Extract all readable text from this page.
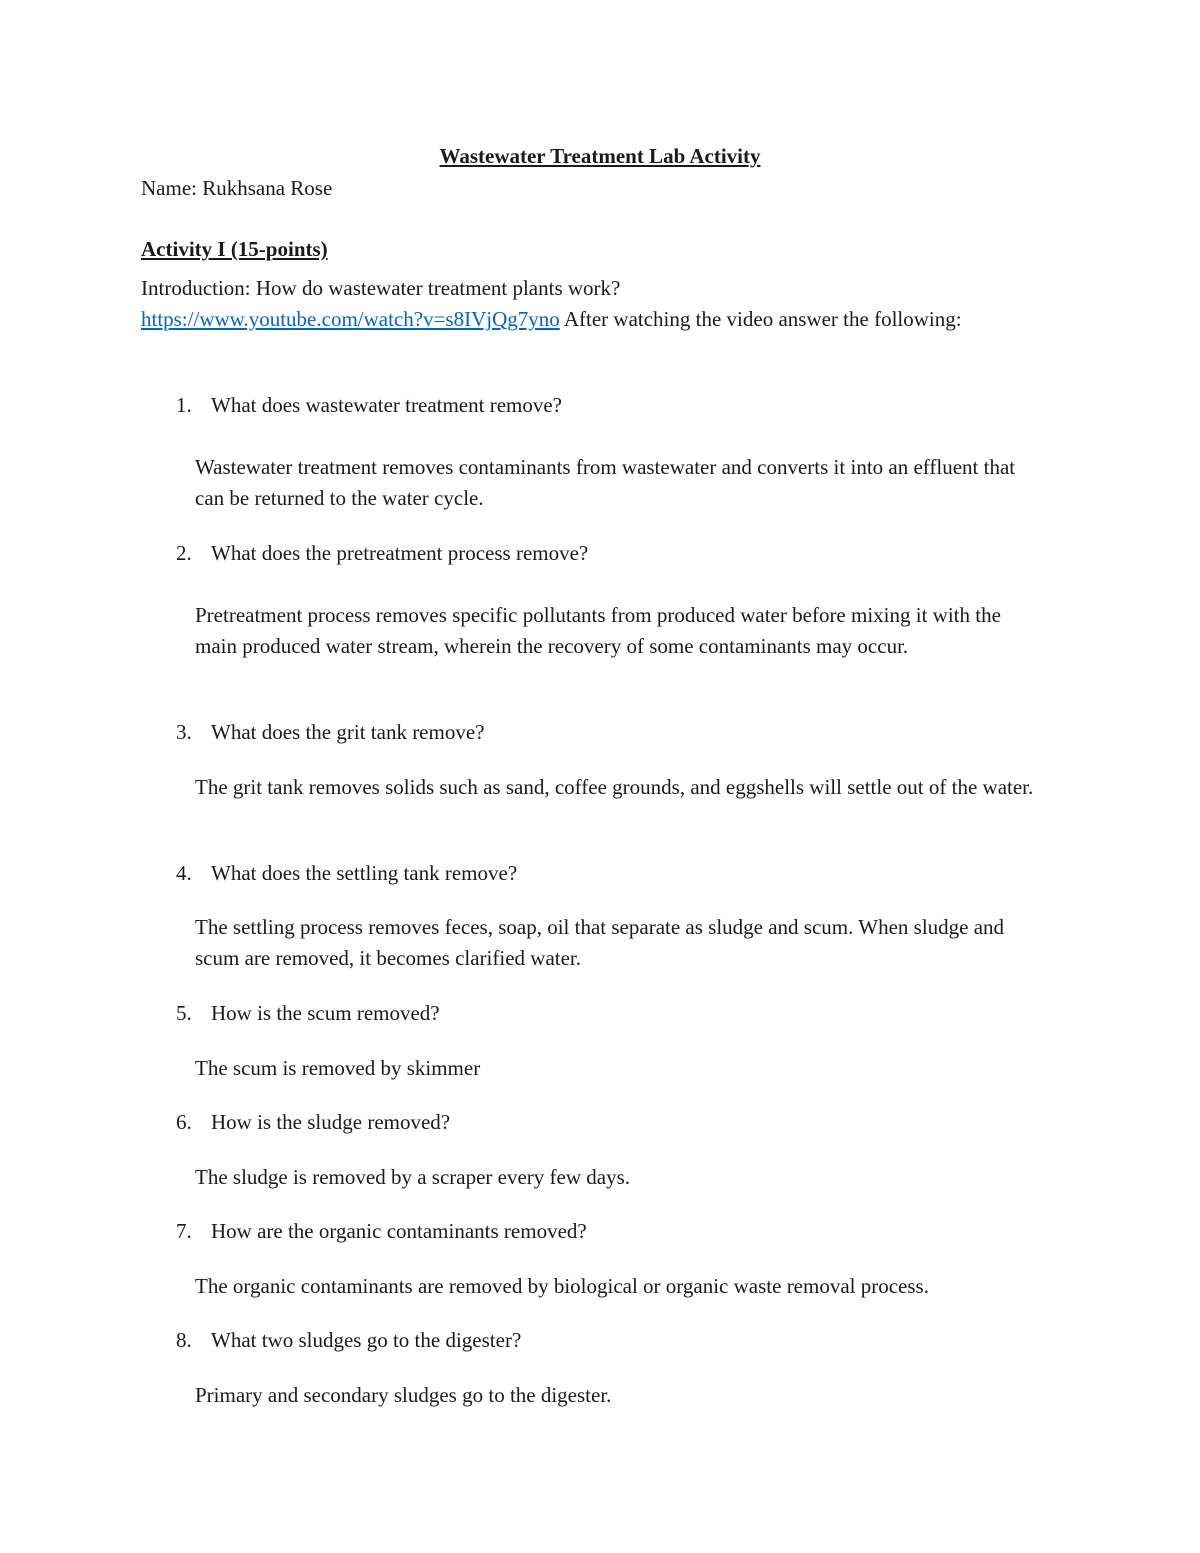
Wastewater Treatment Lab Activity
Name: Rukhsana Rose
Activity I (15-points)
Introduction: How do wastewater treatment plants work?
https://www.youtube.com/watch?v=s8IVjQg7yno After watching the video answer the following:
1. What does wastewater treatment remove?
Wastewater treatment removes contaminants from wastewater and converts it into an effluent that can be returned to the water cycle.
2. What does the pretreatment process remove?
Pretreatment process removes specific pollutants from produced water before mixing it with the main produced water stream, wherein the recovery of some contaminants may occur.
3. What does the grit tank remove?
The grit tank removes solids such as sand, coffee grounds, and eggshells will settle out of the water.
4. What does the settling tank remove?
The settling process removes feces, soap, oil that separate as sludge and scum. When sludge and scum are removed, it becomes clarified water.
5. How is the scum removed?
The scum is removed by skimmer
6. How is the sludge removed?
The sludge is removed by a scraper every few days.
7. How are the organic contaminants removed?
The organic contaminants are removed by biological or organic waste removal process.
8. What two sludges go to the digester?
Primary and secondary sludges go to the digester.
